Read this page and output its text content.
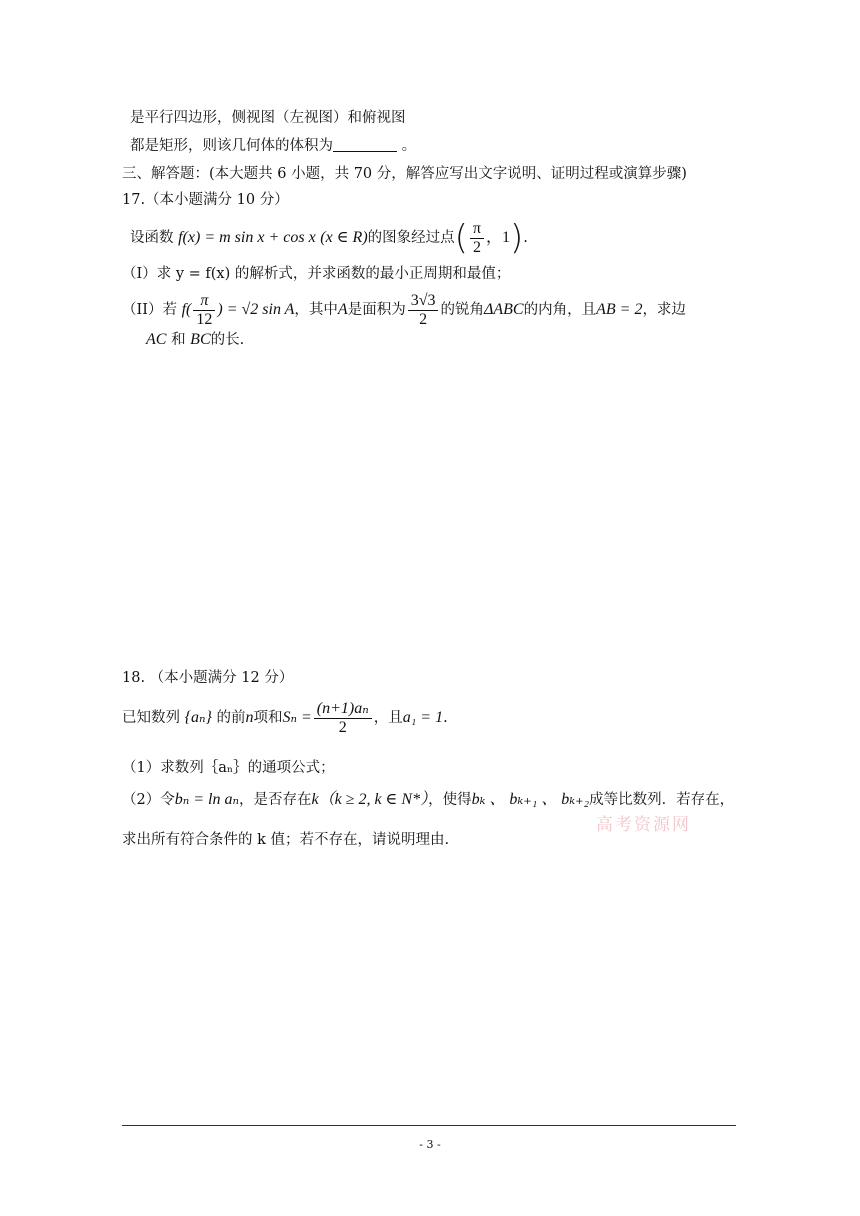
是平行四边形，侧视图（左视图）和俯视图
都是矩形，则该几何体的体积为	。
三、解答题：(本大题共 6 小题，共 70 分，解答应写出文字说明、证明过程或演算步骤)
17.（本小题满分 10 分）
设函数 f(x) = m sin x + cos x (x ∈ R)的图象经过点( $\frac{\pi}{2}$ ，1).
（I）求 y = f(x) 的解析式，并求函数的最小正周期和最值；
（II）若 $f( \frac{\pi}{12}$ ) = √2 sin A，其中A是面积为 $\frac{3√3}{2}$ 的锐角ΔABC的内角，且AB = 2，求边
AC 和 BC的长.
18. （本小题满分 12 分）
已知数列 {aₙ} 的前n项和$S_n = \frac{\text{(n+1)aₙ}}{2}$ ，且a₁ = 1.
（1）求数列｛aₙ｝的通项公式；
（2）令bₙ = ln aₙ，是否存在k（k ≥ 2, k ∈ N*），使得bₖ 、 bₖ₊₁ 、 bₖ₊₂成等比数列．若存在，
求出所有符合条件的 k 值；若不存在，请说明理由.
高考资源网
- 3 -
